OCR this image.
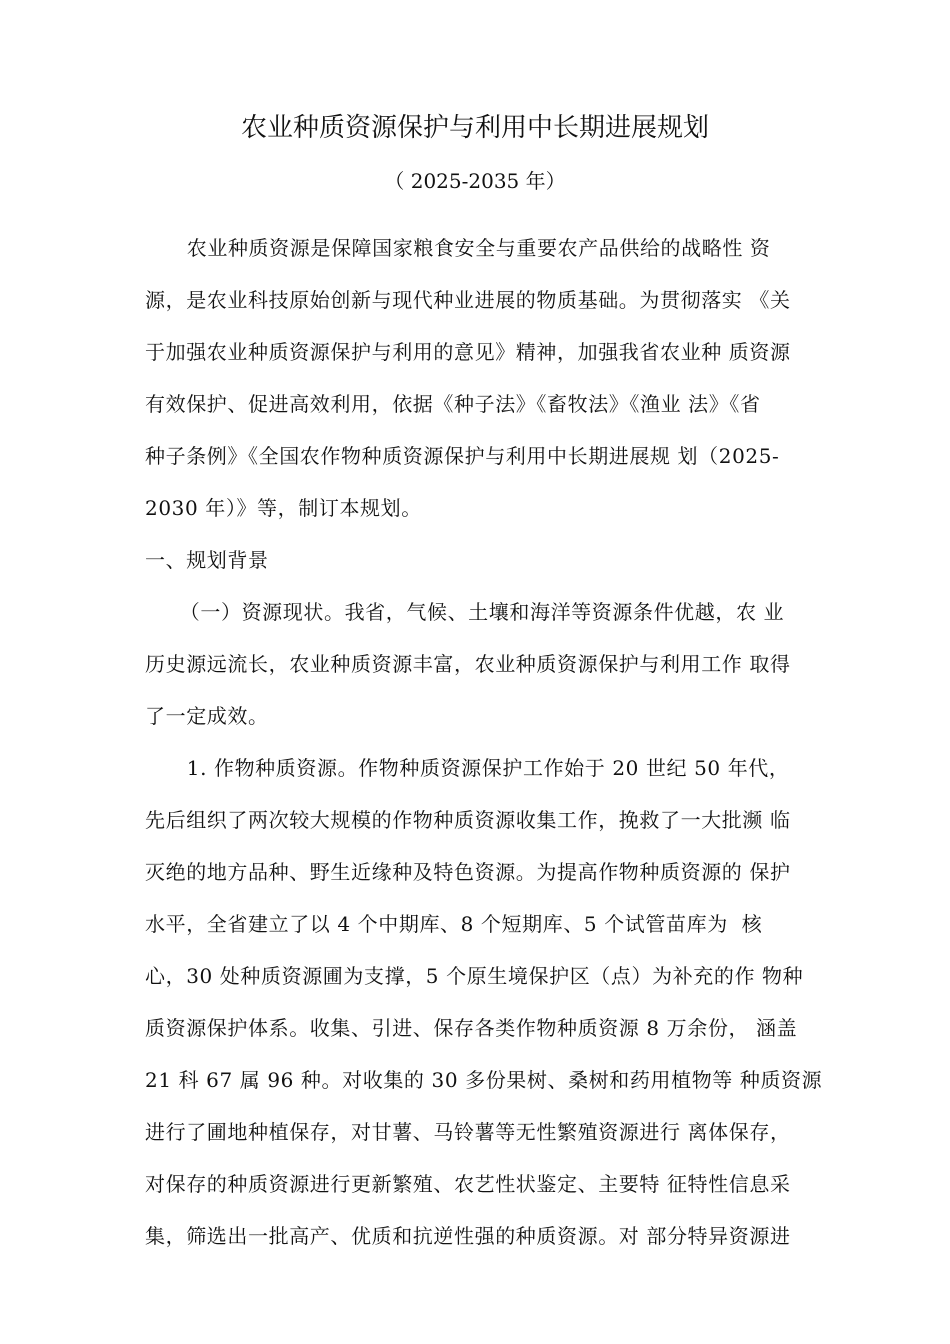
农业种质资源保护与利用中长期进展规划
（ 2025-2035 年）
农业种质资源是保障国家粮食安全与重要农产品供给的战略性 资
源，是农业科技原始创新与现代种业进展的物质基础。为贯彻落实 《关
于加强农业种质资源保护与利用的意见》精神，加强我省农业种 质资源
有效保护、促进高效利用，依据《种子法》《畜牧法》《渔业 法》《省
种子条例》《全国农作物种质资源保护与利用中长期进展规 划（2025-
2030 年）》等，制订本规划。
一、规划背景
（一）资源现状。我省，气候、土壤和海洋等资源条件优越，农 业
历史源远流长，农业种质资源丰富，农业种质资源保护与利用工作 取得
了一定成效。
1. 作物种质资源。作物种质资源保护工作始于 20 世纪 50 年代，
先后组织了两次较大规模的作物种质资源收集工作，挽救了一大批濒 临
灭绝的地方品种、野生近缘种及特色资源。为提高作物种质资源的 保护
水平，全省建立了以 4 个中期库、8 个短期库、5 个试管苗库为  核
心，30 处种质资源圃为支撑，5 个原生境保护区（点）为补充的作 物种
质资源保护体系。收集、引进、保存各类作物种质资源 8 万余份， 涵盖
21 科 67 属 96 种。对收集的 30 多份果树、桑树和药用植物等 种质资源
进行了圃地种植保存，对甘薯、马铃薯等无性繁殖资源进行 离体保存，
对保存的种质资源进行更新繁殖、农艺性状鉴定、主要特 征特性信息采
集，筛选出一批高产、优质和抗逆性强的种质资源。对 部分特异资源进
